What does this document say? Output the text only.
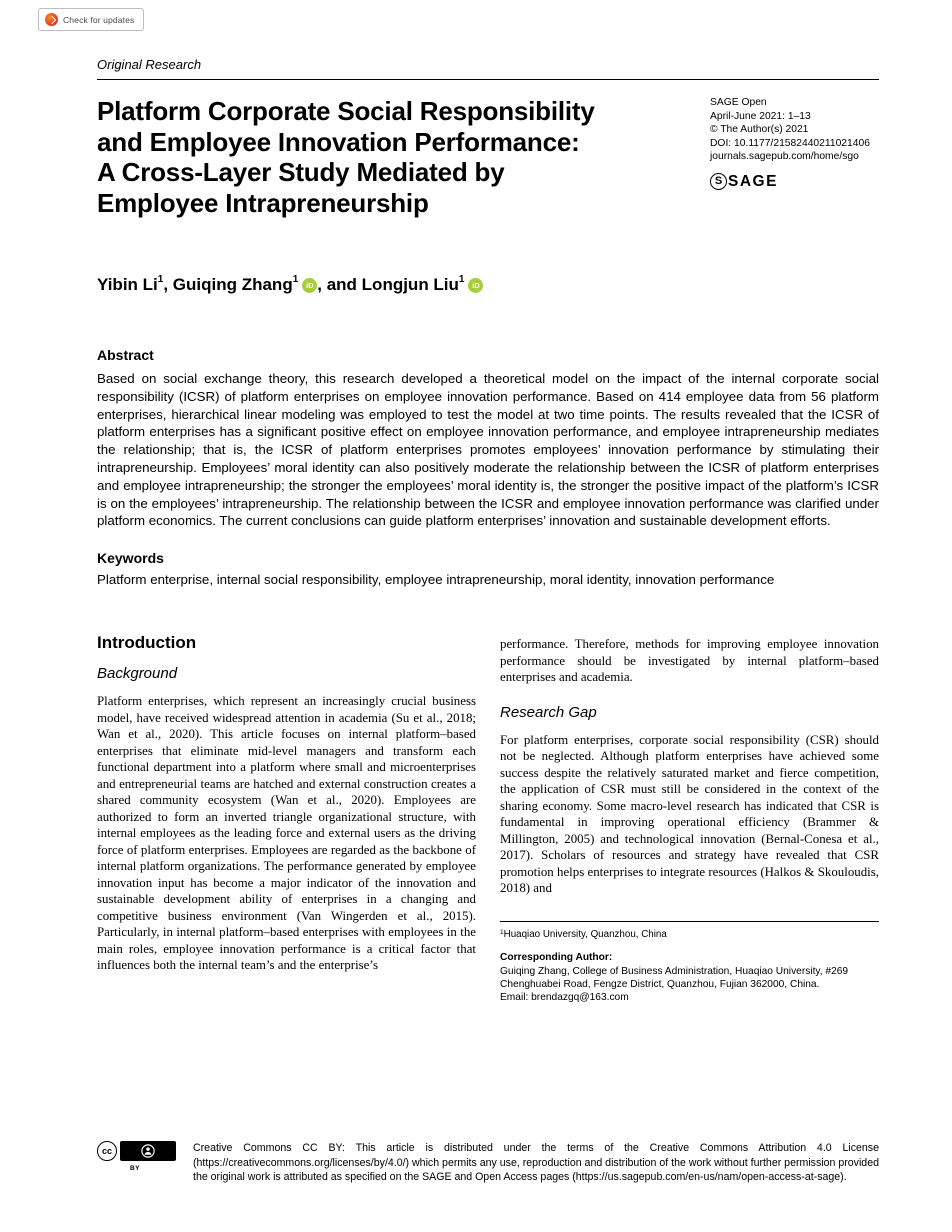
Check for updates
Original Research
Platform Corporate Social Responsibility
and Employee Innovation Performance:
A Cross-Layer Study Mediated by
Employee Intrapreneurship
SAGE Open
April-June 2021: 1–13
© The Author(s) 2021
DOI: 10.1177/21582440211021406
journals.sagepub.com/home/sgo
S SAGE
Yibin Li 1 , Guiqing Zhang 1
iD , and Longjun Liu 1
iD
Abstract
Based on social exchange theory, this research developed a theoretical model on the impact of the internal corporate social responsibility (ICSR) of platform enterprises on employee innovation performance. Based on 414 employee data from 56 platform enterprises, hierarchical linear modeling was employed to test the model at two time points. The results revealed that the ICSR of platform enterprises has a significant positive effect on employee innovation performance, and employee intrapreneurship mediates the relationship; that is, the ICSR of platform enterprises promotes employees’ innovation performance by stimulating their intrapreneurship. Employees’ moral identity can also positively moderate the relationship between the ICSR of platform enterprises and employee intrapreneurship; the stronger the employees’ moral identity is, the stronger the positive impact of the platform’s ICSR is on the employees’ intrapreneurship. The relationship between the ICSR and employee innovation performance was clarified under platform economics. The current conclusions can guide platform enterprises’ innovation and sustainable development efforts.
Keywords
Platform enterprise, internal social responsibility, employee intrapreneurship, moral identity, innovation performance
Introduction
Background
Platform enterprises, which represent an increasingly crucial business model, have received widespread attention in academia (Su et al., 2018; Wan et al., 2020). This article focuses on internal platform–based enterprises that eliminate mid-level managers and transform each functional department into a platform where small and microenterprises and entrepreneurial teams are hatched and external construction creates a shared community ecosystem (Wan et al., 2020). Employees are authorized to form an inverted triangle organizational structure, with internal employees as the leading force and external users as the driving force of platform enterprises. Employees are regarded as the backbone of internal platform organizations. The performance generated by employee innovation input has become a major indicator of the innovation and sustainable development ability of enterprises in a changing and competitive business environment (Van Wingerden et al., 2015). Particularly, in internal platform–based enterprises with employees in the main roles, employee innovation performance is a critical factor that influences both the internal team’s and the enterprise’s
performance. Therefore, methods for improving employee innovation performance should be investigated by internal platform–based enterprises and academia.
Research Gap
For platform enterprises, corporate social responsibility (CSR) should not be neglected. Although platform enterprises have achieved some success despite the relatively saturated market and fierce competition, the application of CSR must still be considered in the context of the sharing economy. Some macro-level research has indicated that CSR is fundamental in improving operational efficiency (Brammer & Millington, 2005) and technological innovation (Bernal-Conesa et al., 2017). Scholars of resources and strategy have revealed that CSR promotion helps enterprises to integrate resources (Halkos & Skouloudis, 2018) and
$^1$Huaqiao University, Quanzhou, China
Corresponding Author:
Guiqing Zhang, College of Business Administration, Huaqiao University, #269 Chenghuabei Road, Fengze District, Quanzhou, Fujian 362000, China.
Email: brendazgq@163.com
cc
BY
Creative Commons CC BY: This article is distributed under the terms of the Creative Commons Attribution 4.0 License (https://creativecommons.org/licenses/by/4.0/) which permits any use, reproduction and distribution of the work without further permission provided the original work is attributed as specified on the SAGE and Open Access pages (https://us.sagepub.com/en-us/nam/open-access-at-sage).
